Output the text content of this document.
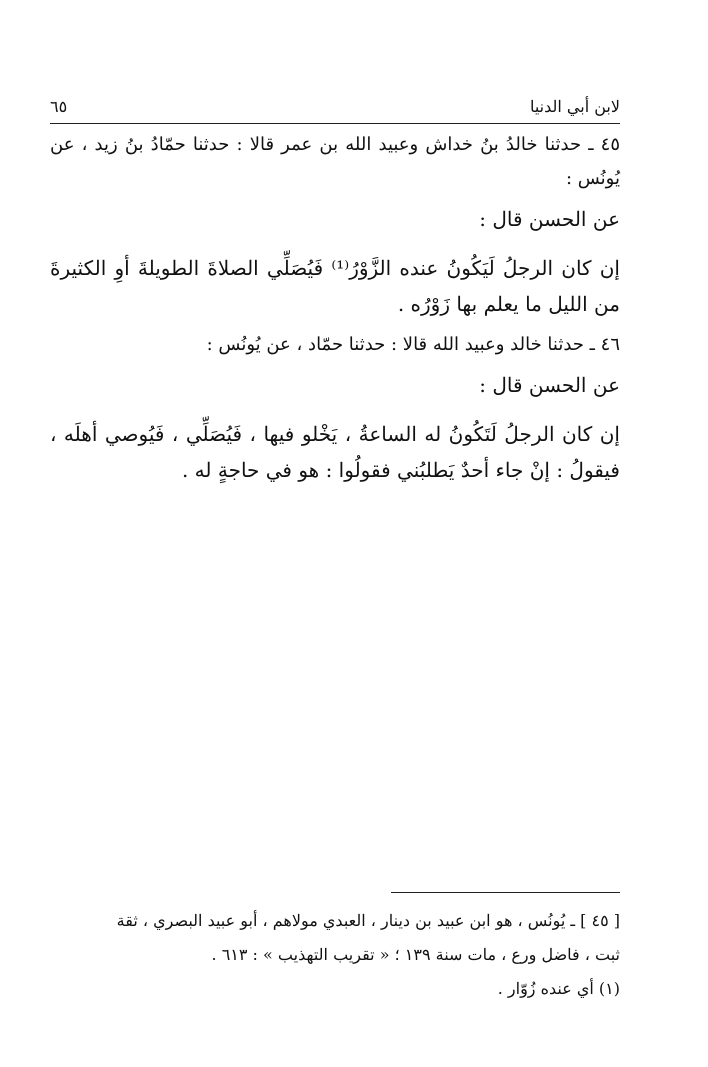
لابن أبي الدنيا
٦٥

٤٥ ـ حدثنا خالدُ بنُ خداش وعبيد الله بن عمر قالا : حدثنا حمّادُ بنُ زيد ، عن يُونُس :

عن الحسن قال :

إن كان الرجلُ لَيَكُونُ عنده الزَّوْرُ⁽¹⁾ فَيُصَلِّي الصلاةَ الطويلةَ أوِ الكثيرةَ من الليل ما يعلم بها زَوْرُه .

٤٦ ـ حدثنا خالد وعبيد الله قالا : حدثنا حمّاد ، عن يُونُس :

عن الحسن قال :

إن كان الرجلُ لَتَكُونُ له الساعةُ ، يَخْلو فيها ، فَيُصَلِّي ، فَيُوصي أهلَه ، فيقولُ : إنْ جاء أحدٌ يَطلبُني فقولُوا : هو في حاجةٍ له .

[ ٤٥ ] ـ يُونُس ، هو ابن عبيد بن دينار ، العبدي مولاهم ، أبو عبيد البصري ، ثقة

ثبت ، فاضل ورع ، مات سنة ١٣٩ ؛ « تقريب التهذيب » : ٦١٣ .

(١) أي عنده زُوّار .
